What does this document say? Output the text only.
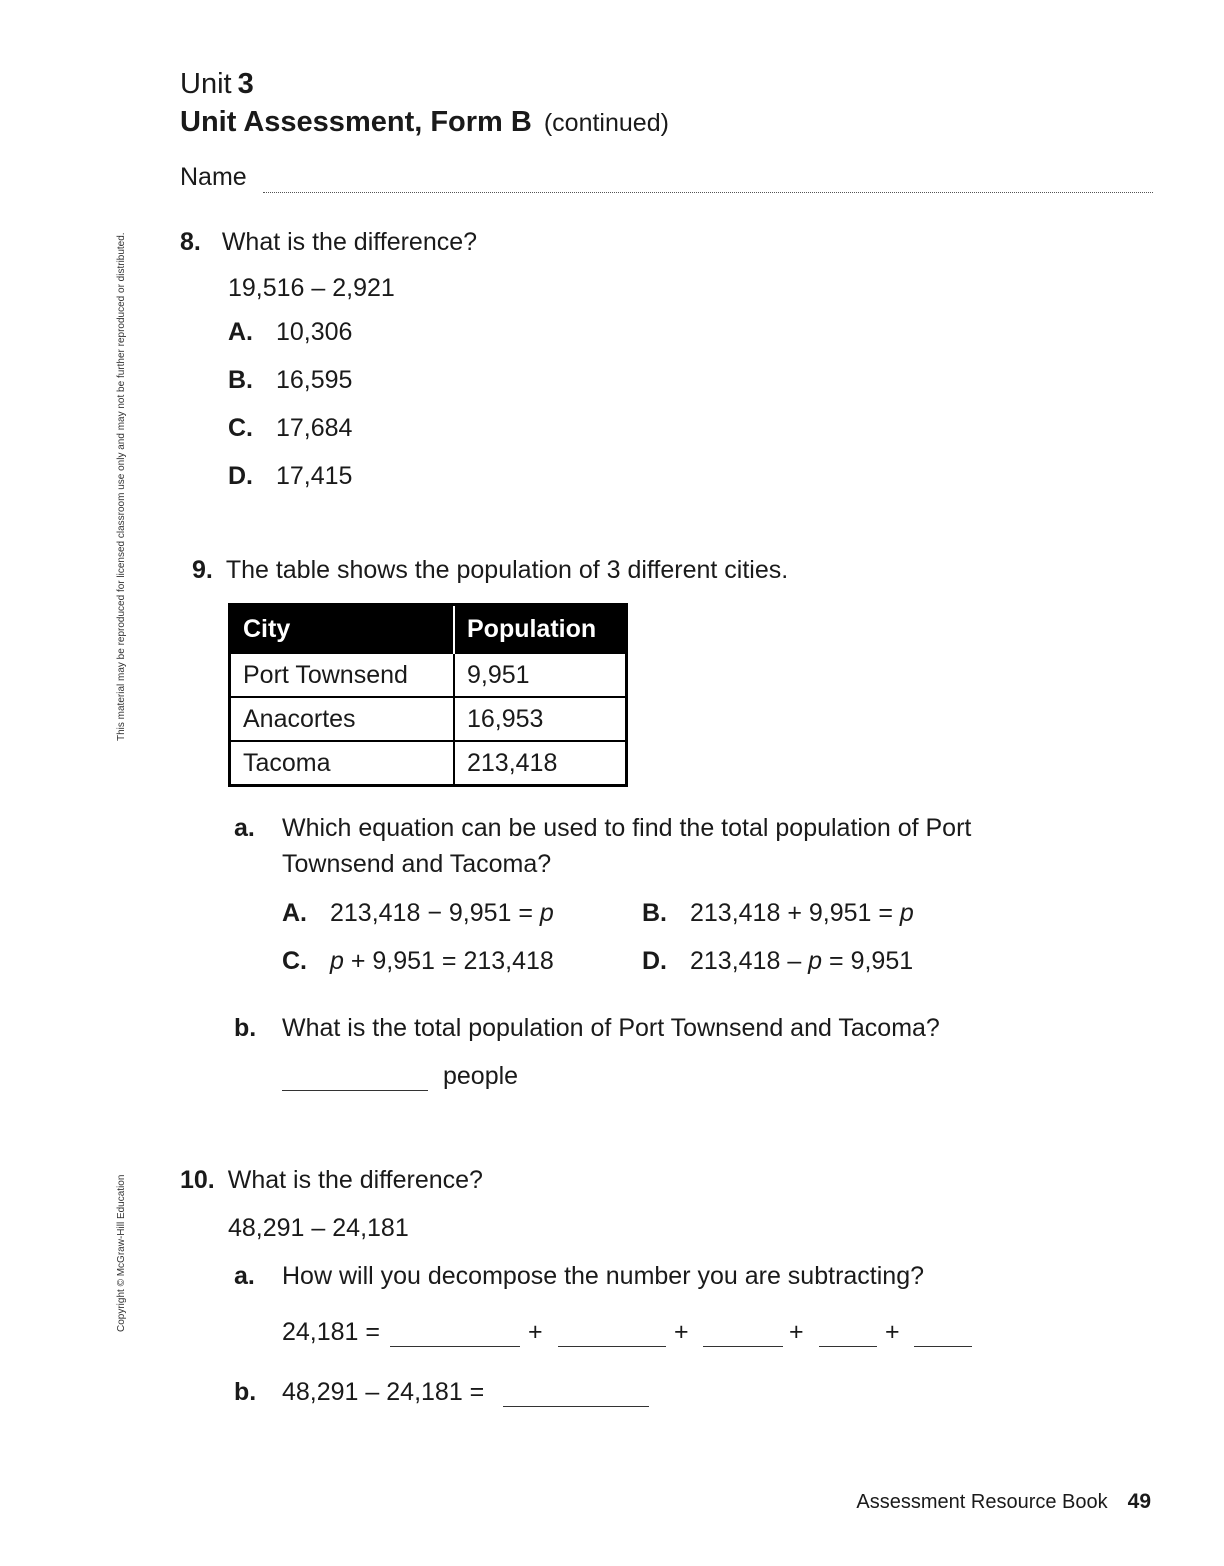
Unit 3
Unit Assessment, Form B (continued)
Name
This material may be reproduced for licensed classroom use only and may not be further reproduced or distributed.
Copyright © McGraw-Hill Education
8. What is the difference?
19,516 – 2,921
A. 10,306
B. 16,595
C. 17,684
D. 17,415
9. The table shows the population of 3 different cities.
City	Population
Port Townsend	9,951
Anacortes	16,953
Tacoma	213,418
a. Which equation can be used to find the total population of Port
Townsend and Tacoma?
A. 213,418 − 9,951 = p	B. 213,418 + 9,951 = p
C. p + 9,951 = 213,418	D. 213,418 – p = 9,951
b. What is the total population of Port Townsend and Tacoma?
people
10. What is the difference?
48,291 – 24,181
a. How will you decompose the number you are subtracting?
24,181 =	+	+	+	+
b. 48,291 – 24,181 =
Assessment Resource Book 49
